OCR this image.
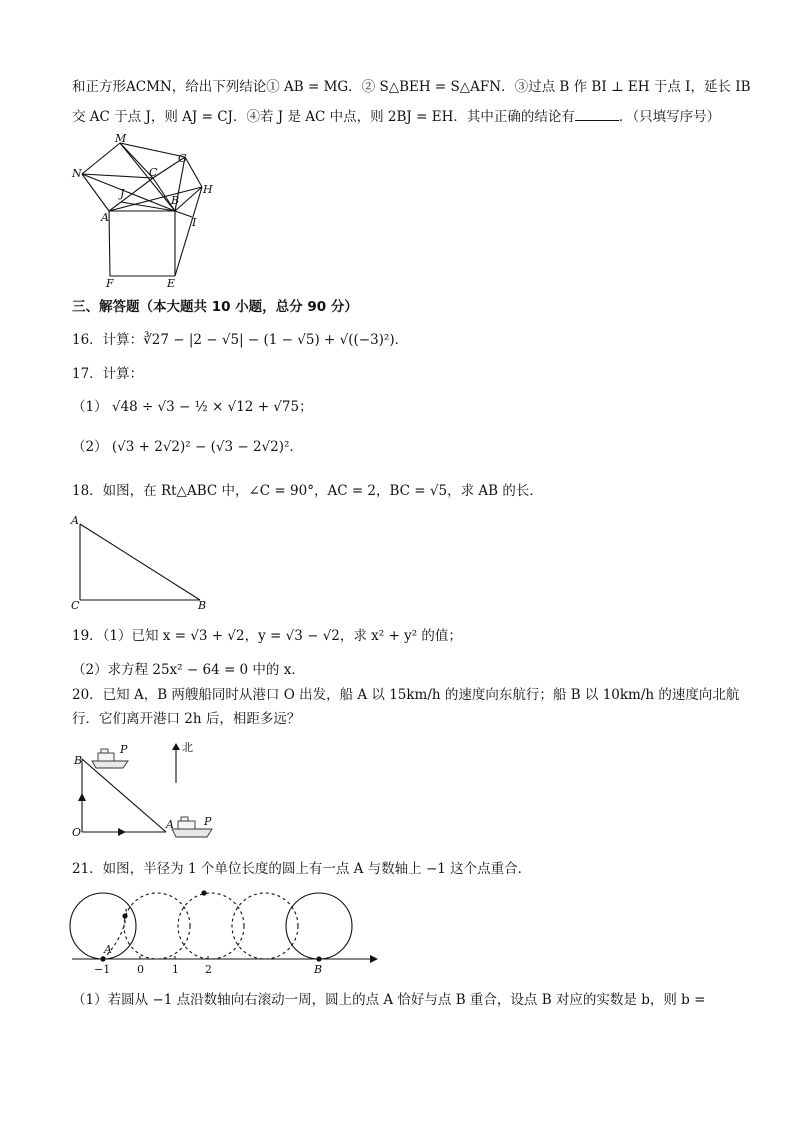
和正方形ACMN，给出下列结论① AB = MG．② S△BEH = S△AFN．③过点 B 作 BI ⊥ EH 于点 I，延长 IB
交 AC 于点 J，则 AJ = CJ．④若 J 是 AC 中点，则 2BJ = EH．其中正确的结论有	．（只填写序号）
M
G
N	C
H
J
B
A	I
F	E
三、解答题（本大题共 10 小题，总分 90 分）
16．计算：∛27 − |2 − √5| − (1 − √5) + √((−3)²)．
17．计算：
（1） √48 ÷ √3 − ½ × √12 + √75；
（2） (√3 + 2√2)² − (√3 − 2√2)²．
18．如图，在 Rt△ABC 中，∠C = 90°，AC = 2，BC = √5，求 AB 的长．
A
C	B
19．（1）已知 x = √3 + √2，y = √3 − √2，求 x² + y² 的值；
（2）求方程 25x² − 64 = 0 中的 x．
20．已知 A，B 两艘船同时从港口 O 出发，船 A 以 15km/h 的速度向东航行；船 B 以 10km/h 的速度向北航
行．它们离开港口 2h 后，相距多远？
北
P
P
B
O
A
21．如图，半径为 1 个单位长度的圆上有一点 A 与数轴上 −1 这个点重合．
A
B
−1 0	1 2
（1）若圆从 −1 点沿数轴向右滚动一周，圆上的点 A 恰好与点 B 重合，设点 B 对应的实数是 b，则 b =
